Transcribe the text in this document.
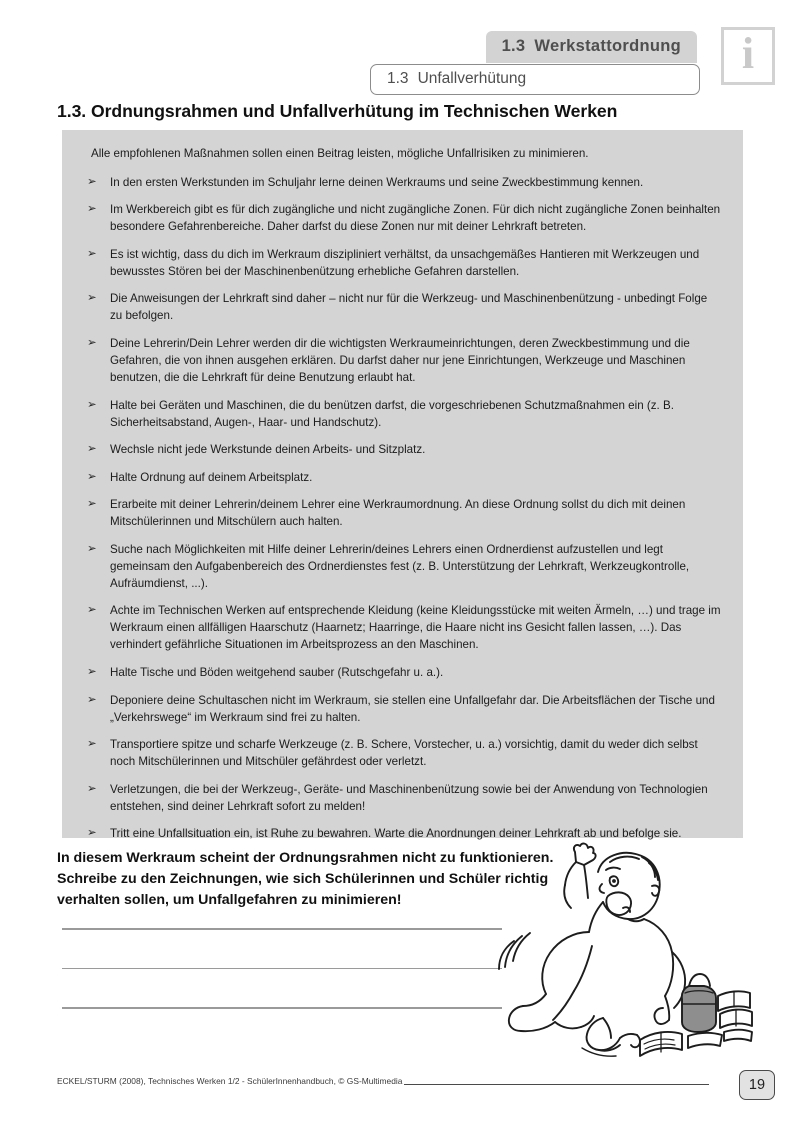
1.3 Werkstattordnung
1.3 Unfallverhütung
i
1.3. Ordnungsrahmen und Unfallverhütung im Technischen Werken
Alle empfohlenen Maßnahmen sollen einen Beitrag leisten, mögliche Unfallrisiken zu minimieren.
➢ In den ersten Werkstunden im Schuljahr lerne deinen Werkraums und seine Zweckbestimmung kennen.
➢ Im Werkbereich gibt es für dich zugängliche und nicht zugängliche Zonen. Für dich nicht zugängliche Zonen beinhalten besondere Gefahrenbereiche. Daher darfst du diese Zonen nur mit deiner Lehrkraft betreten.
➢ Es ist wichtig, dass du dich im Werkraum diszipliniert verhältst, da unsachgemäßes Hantieren mit Werkzeugen und bewusstes Stören bei der Maschinenbenützung erhebliche Gefahren darstellen.
➢ Die Anweisungen der Lehrkraft sind daher – nicht nur für die Werkzeug- und Maschinenbenützung - unbedingt Folge zu befolgen.
➢ Deine Lehrerin/Dein Lehrer werden dir die wichtigsten Werkraumeinrichtungen, deren Zweckbestimmung und die Gefahren, die von ihnen ausgehen erklären. Du darfst daher nur jene Einrichtungen, Werkzeuge und Maschinen benutzen, die die Lehrkraft für deine Benutzung erlaubt hat.
➢ Halte bei Geräten und Maschinen, die du benützen darfst, die vorgeschriebenen Schutzmaßnahmen ein (z. B. Sicherheitsabstand, Augen-, Haar- und Handschutz).
➢ Wechsle nicht jede Werkstunde deinen Arbeits- und Sitzplatz.
➢ Halte Ordnung auf deinem Arbeitsplatz.
➢ Erarbeite mit deiner Lehrerin/deinem Lehrer eine Werkraumordnung. An diese Ordnung sollst du dich mit deinen Mitschülerinnen und Mitschülern auch halten.
➢ Suche nach Möglichkeiten mit Hilfe deiner Lehrerin/deines Lehrers einen Ordnerdienst aufzustellen und legt gemeinsam den Aufgabenbereich des Ordnerdienstes fest (z. B. Unterstützung der Lehrkraft, Werkzeugkontrolle, Aufräumdienst, ...).
➢ Achte im Technischen Werken auf entsprechende Kleidung (keine Kleidungsstücke mit weiten Ärmeln, …) und trage im Werkraum einen allfälligen Haarschutz (Haarnetz; Haarringe, die Haare nicht ins Gesicht fallen lassen, …). Das verhindert gefährliche Situationen im Arbeitsprozess an den Maschinen.
➢ Halte Tische und Böden weitgehend sauber (Rutschgefahr u. a.).
➢ Deponiere deine Schultaschen nicht im Werkraum, sie stellen eine Unfallgefahr dar. Die Arbeitsflächen der Tische und „Verkehrswege“ im Werkraum sind frei zu halten.
➢ Transportiere spitze und scharfe Werkzeuge (z. B. Schere, Vorstecher, u. a.) vorsichtig, damit du weder dich selbst noch Mitschülerinnen und Mitschüler gefährdest oder verletzt.
➢ Verletzungen, die bei der Werkzeug-, Geräte- und Maschinenbenützung sowie bei der Anwendung von Technologien entstehen, sind deiner Lehrkraft sofort zu melden!
➢ Tritt eine Unfallsituation ein, ist Ruhe zu bewahren. Warte die Anordnungen deiner Lehrkraft ab und befolge sie.
In diesem Werkraum scheint der Ordnungsrahmen nicht zu funktionieren. Schreibe zu den Zeichnungen, wie sich Schülerinnen und Schüler richtig verhalten sollen, um Unfallgefahren zu minimieren!
ECKEL/STURM (2008), Technisches Werken 1/2 - SchülerInnenhandbuch, © GS-Multimedia	19
